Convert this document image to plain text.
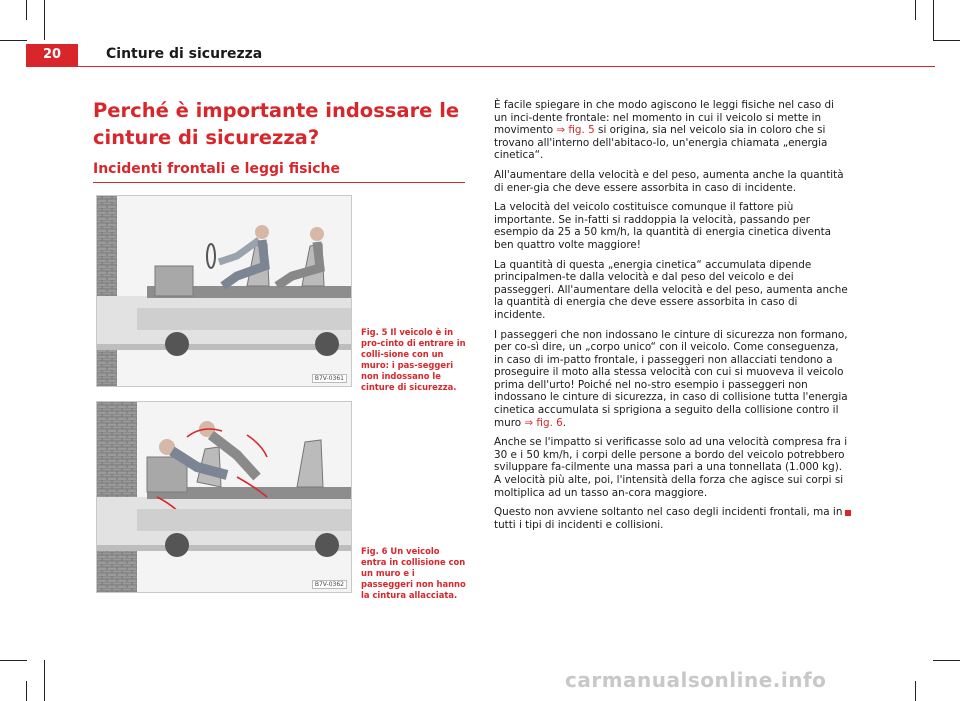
20	Cinture di sicurezza
Perché è importante indossare le cinture di sicurezza?
Incidenti frontali e leggi fisiche
B7V-0361
Fig. 5 Il veicolo è in pro-cinto di entrare in colli-sione con un muro: i pas-seggeri non indossano le cinture di sicurezza.
B7V-0362
Fig. 6 Un veicolo entra in collisione con un muro e i passeggeri non hanno la cintura allacciata.

È facile spiegare in che modo agiscono le leggi fisiche nel caso di un inci-dente frontale: nel momento in cui il veicolo si mette in movimento ⇒ fig. 5 si origina, sia nel veicolo sia in coloro che si trovano all'interno dell'abitaco-lo, un'energia chiamata „energia cinetica“.

All'aumentare della velocità e del peso, aumenta anche la quantità di ener-gia che deve essere assorbita in caso di incidente.

La velocità del veicolo costituisce comunque il fattore più importante. Se in-fatti si raddoppia la velocità, passando per esempio da 25 a 50 km/h, la quantità di energia cinetica diventa ben quattro volte maggiore!

La quantità di questa „energia cinetica“ accumulata dipende principalmen-te dalla velocità e dal peso del veicolo e dei passeggeri. All'aumentare della velocità e del peso, aumenta anche la quantità di energia che deve essere assorbita in caso di incidente.

I passeggeri che non indossano le cinture di sicurezza non formano, per co-sì dire, un „corpo unico“ con il veicolo. Come conseguenza, in caso di im-patto frontale, i passeggeri non allacciati tendono a proseguire il moto alla stessa velocità con cui si muoveva il veicolo prima dell'urto! Poiché nel no-stro esempio i passeggeri non indossano le cinture di sicurezza, in caso di collisione tutta l'energia cinetica accumulata si sprigiona a seguito della collisione contro il muro ⇒ fig. 6.

Anche se l'impatto si verificasse solo ad una velocità compresa fra i 30 e i 50 km/h, i corpi delle persone a bordo del veicolo potrebbero sviluppare fa-cilmente una massa pari a una tonnellata (1.000 kg). A velocità più alte, poi, l'intensità della forza che agisce sui corpi si moltiplica ad un tasso an-cora maggiore.

Questo non avviene soltanto nel caso degli incidenti frontali, ma in tutti i tipi di incidenti e collisioni.

carmanualsonline.info
